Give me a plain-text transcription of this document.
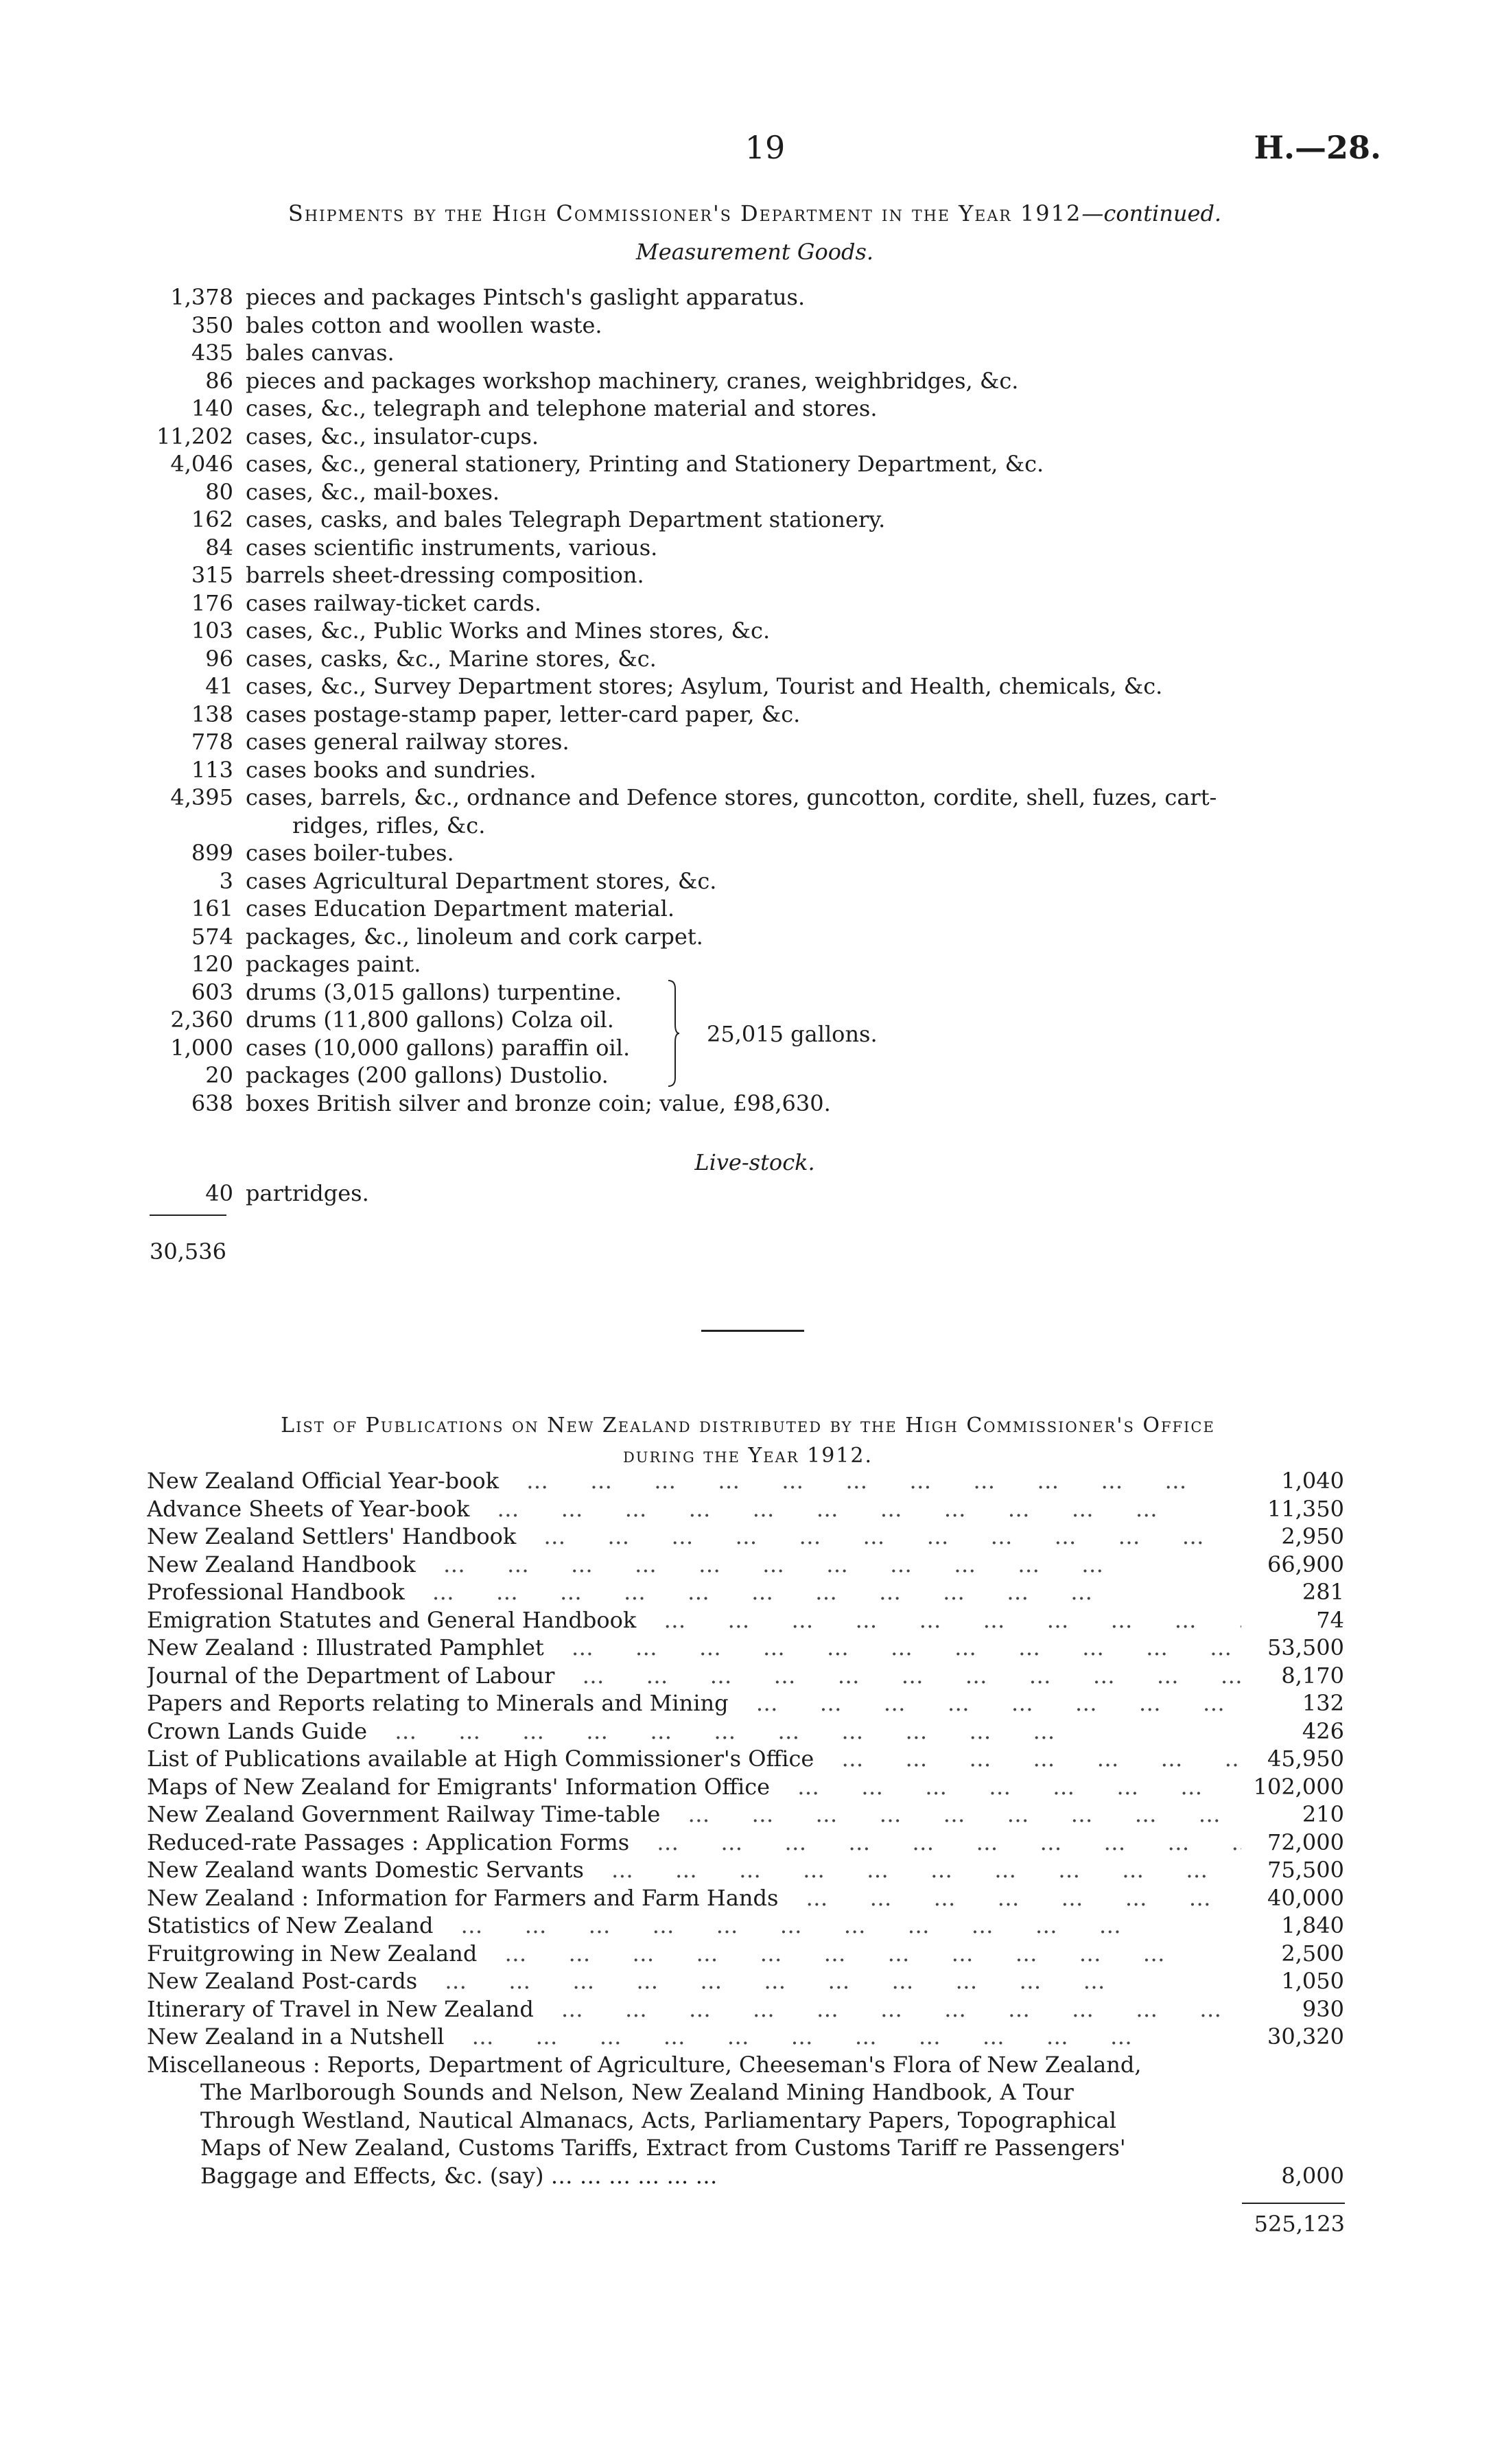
19	H.—28.
Shipments by the High Commissioner's Department in the Year 1912—continued.
Measurement Goods.
1,378 pieces and packages Pintsch's gaslight apparatus.
350 bales cotton and woollen waste.
435 bales canvas.
86 pieces and packages workshop machinery, cranes, weighbridges, &c.
140 cases, &c., telegraph and telephone material and stores.
11,202 cases, &c., insulator-cups.
4,046 cases, &c., general stationery, Printing and Stationery Department, &c.
80 cases, &c., mail-boxes.
162 cases, casks, and bales Telegraph Department stationery.
84 cases scientific instruments, various.
315 barrels sheet-dressing composition.
176 cases railway-ticket cards.
103 cases, &c., Public Works and Mines stores, &c.
96 cases, casks, &c., Marine stores, &c.
41 cases, &c., Survey Department stores; Asylum, Tourist and Health, chemicals, &c.
138 cases postage-stamp paper, letter-card paper, &c.
778 cases general railway stores.
113 cases books and sundries.
4,395 cases, barrels, &c., ordnance and Defence stores, guncotton, cordite, shell, fuzes, cart-
ridges, rifles, &c.
899 cases boiler-tubes.
3 cases Agricultural Department stores, &c.
161 cases Education Department material.
574 packages, &c., linoleum and cork carpet.
120 packages paint.
603 drums (3,015 gallons) turpentine.
2,360 drums (11,800 gallons) Colza oil.
1,000 cases (10,000 gallons) paraffin oil.
20 packages (200 gallons) Dustolio.
638 boxes British silver and bronze coin; value, £98,630.
25,015 gallons.
Live-stock.
40 partridges.
30,536
List of Publications on New Zealand distributed by the High Commissioner's Office
during the Year 1912.
New Zealand Official Year-book …      …      …      …      …      …      …      …      …      …      …	1,040
Advance Sheets of Year-book …      …      …      …      …      …      …      …      …      …      …	11,350
New Zealand Settlers' Handbook …      …      …      …      …      …      …      …      …      …      …	2,950
New Zealand Handbook …      …      …      …      …      …      …      …      …      …      …	66,900
Professional Handbook …      …      …      …      …      …      …      …      …      …      …	281
Emigration Statutes and General Handbook …      …      …      …      …      …      …      …      …      …      …	74
New Zealand : Illustrated Pamphlet …      …      …      …      …      …      …      …      …      …      …	53,500
Journal of the Department of Labour …      …      …      …      …      …      …      …      …      …      …	8,170
Papers and Reports relating to Minerals and Mining …      …      …      …      …      …      …      …      …      …      …	132
Crown Lands Guide …      …      …      …      …      …      …      …      …      …      …	426
List of Publications available at High Commissioner's Office …      …      …      …      …      …      …      …      …      …      …	45,950
Maps of New Zealand for Emigrants' Information Office …      …      …      …      …      …      …      …      …      …      …	102,000
New Zealand Government Railway Time-table …      …      …      …      …      …      …      …      …      …      …	210
Reduced-rate Passages : Application Forms …      …      …      …      …      …      …      …      …      …      …	72,000
New Zealand wants Domestic Servants …      …      …      …      …      …      …      …      …      …      …	75,500
New Zealand : Information for Farmers and Farm Hands …      …      …      …      …      …      …      …      …      …      …	40,000
Statistics of New Zealand …      …      …      …      …      …      …      …      …      …      …	1,840
Fruitgrowing in New Zealand …      …      …      …      …      …      …      …      …      …      …	2,500
New Zealand Post-cards …      …      …      …      …      …      …      …      …      …      …	1,050
Itinerary of Travel in New Zealand …      …      …      …      …      …      …      …      …      …      …	930
New Zealand in a Nutshell …      …      …      …      …      …      …      …      …      …      …	30,320
Miscellaneous : Reports, Department of Agriculture, Cheeseman's Flora of New Zealand,
The Marlborough Sounds and Nelson, New Zealand Mining Handbook, A Tour
Through Westland, Nautical Almanacs, Acts, Parliamentary Papers, Topographical
Maps of New Zealand, Customs Tariffs, Extract from Customs Tariff re Passengers'
Baggage and Effects, &c. (say) … … … … … …	8,000
525,123
